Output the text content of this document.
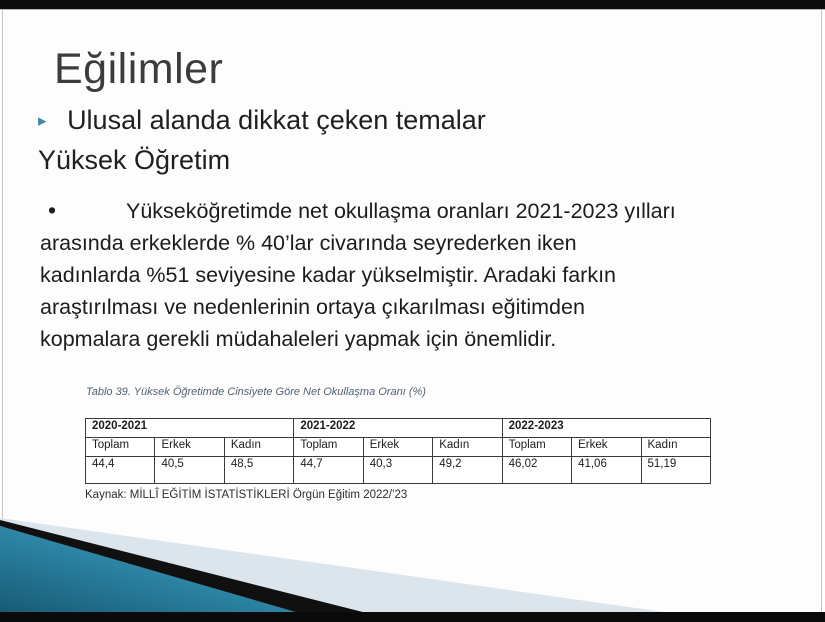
Eğilimler
▸ Ulusal alanda dikkat çeken temalar
Yüksek Öğretim
•	Yükseköğretimde net okullaşma oranları 2021-2023 yılları
arasında erkeklerde % 40’lar civarında seyrederken iken
kadınlarda %51 seviyesine kadar yükselmiştir. Aradaki farkın
araştırılması ve nedenlerinin ortaya çıkarılması eğitimden
kopmalara gerekli müdahaleleri yapmak için önemlidir.
Tablo 39. Yüksek Öğretimde Cinsiyete Göre Net Okullaşma Oranı (%)
2020-2021			2021-2022			2022-2023		
Toplam	Erkek	Kadın	Toplam	Erkek	Kadın	Toplam	Erkek	Kadın
44,4	40,5	48,5	44,7	40,3	49,2	46,02	41,06	51,19
Kaynak: MİLLÎ EĞİTİM İSTATİSTİKLERİ Örgün Eğitim 2022/’23
